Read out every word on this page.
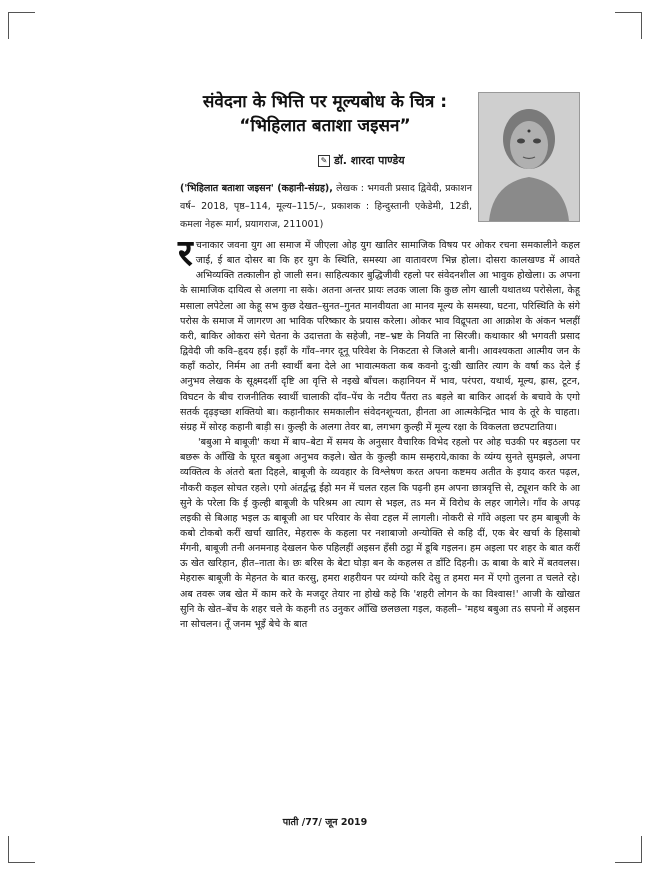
संवेदना के भित्ति पर मूल्यबोध के चित्र :
“भिहिलात बताशा जइसन”
✎ डॉ. शारदा पाण्डेय
('भिहिलात बताशा जइसन' (कहानी-संग्रह), लेखक : भगवती प्रसाद द्विवेदी, प्रकाशन वर्ष– 2018, पृष्ठ–114, मूल्य–115/–, प्रकाशक : हिन्दुस्तानी एकेडेमी, 12डी, कमला नेहरू मार्ग, प्रयागराज, 211001)

रचनाकार जवना युग आ समाज में जीएला ओह युग खातिर सामाजिक विषय पर ओकर रचना समकालीने कहल जाई, ई बात दोसर बा कि हर युग के स्थिति, समस्या आ वातावरण भिन्न होला। दोसरा कालखण्ड में आवते अभिव्यक्ति तत्कालीन हो जाली सन। साहित्यकार बुद्धिजीवी रहलो पर संवेदनशील आ भावुक होखेला। ऊ अपना के सामाजिक दायित्व से अलगा ना सके। अतना अन्तर प्रायः लउक जाला कि कुछ लोग खाली यथातथ्य परोसेला, केहू मसाला लपेटेला आ केहू सभ कुछ देखत–सुनत–गुनत मानवीयता आ मानव मूल्य के समस्या, घटना, परिस्थिति के संगे परोस के समाज में जागरण आ भाविक परिष्कार के प्रयास करेला। ओकर भाव विद्रूपता आ आक्रोश के अंकन भलहीं करी, बाकिर ओकरा संगे चेतना के उदात्तता के सहेजी, नष्ट–भ्रष्ट के नियति ना सिरजी। कथाकार श्री भगवती प्रसाद द्विवेदी जी कवि–हृदय हईं। इहाँ के गाँव–नगर दूनू परिवेश के निकटता से जिअले बानी। आवश्यकता आत्मीय जन के कहाँ कठोर, निर्मम आ तनी स्वार्थी बना देले आ भावात्मकता कब कवनो दु:खी खातिर त्याग के वर्षा कऽ देले ई अनुभव लेखक के सूक्ष्मदर्शी दृष्टि आ वृत्ति से नइखे बाँचल। कहानियन में भाव, परंपरा, यथार्थ, मूल्य, ह्रास, टूटन, विघटन के बीच राजनीतिक स्वार्थी चालाकी दाँव–पेंच के नटीय पैंतरा तऽ बड़ले बा बाकिर आदर्श के बचावे के एगो सतर्क दृढ़इच्छा शक्तियो बा। कहानीकार समकालीन संवेदनशून्यता, हीनता आ आत्मकेन्द्रित भाव के तूरे के चाहता। संग्रह में सोरह कहानी बाड़ी स। कुल्ही के अलगा तेवर बा, लगभग कुल्ही में मूल्य रक्षा के विकलता छटपटातिया।

'बबुआ मे बाबूजी' कथा में बाप–बेटा में समय के अनुसार वैचारिक विभेद रहलो पर ओह चउकी पर बइठला पर बछरू के आँखि के घूरत बबुआ अनुभव कइले। खेत के कुल्ही काम सम्हराये,काका के व्यंग्य सुनते सुमझले, अपना व्यक्तित्व के अंतरो बता दिहले, बाबूजी के व्यवहार के विश्लेषण करत अपना कष्टमय अतीत के इयाद करत पढ़ल, नौकरी कइल सोचत रहले। एगो अंतर्द्वन्द्व ईहो मन में चलत रहल कि पढ़नी हम अपना छात्रवृत्ति से, ट्यूशन करि के आ सुने के परेला कि ई कुल्ही बाबूजी के परिश्रम आ त्याग से भइल, तऽ मन में विरोध के लहर जागेले। गाँव के अपढ़ लइकी से बिआह भइल ऊ बाबूजी आ घर परिवार के सेवा टहल में लागली। नोकरी से गाँवे अइला पर हम बाबूजी के कबो टोकबो करीं खर्चा खातिर, मेहरारू के कहला पर नशाबाजो अन्योक्ति से कहि दीं, एक बेर खर्चा के हिसाबो मँगनी, बाबूजी तनी अनमनाह देखलन फेरु पहिलहीं अइसन हँसी ठट्ठा में डूबि गइलन। हम अइला पर शहर के बात करीं ऊ खेत खरिहान, हीत–नाता के। छः बरिस के बेटा घोड़ा बन के कहलस त डाँटि दिहनी। ऊ बाबा के बारे में बतवलस। मेहरारू बाबूजी के मेहनत के बात करसु, हमरा शहरीयन पर व्यंग्यो करि देसु त हमरा मन में एगो तुलना त चलते रहे। अब तवरू जब खेत में काम करे के मजदूर तेयार ना होखे कहे कि 'शहरी लोगन के का विश्वास!' आजी के खोखत सुनि के खेत–बेंच के शहर चले के कहनी तऽ उनुकर आँखि छलछला गइल, कहली– 'महथ बबुआ तऽ सपनो में अइसन ना सोचलन। तूँ जनम भूइँ बेचे के बात

पाती /77/ जून 2019
